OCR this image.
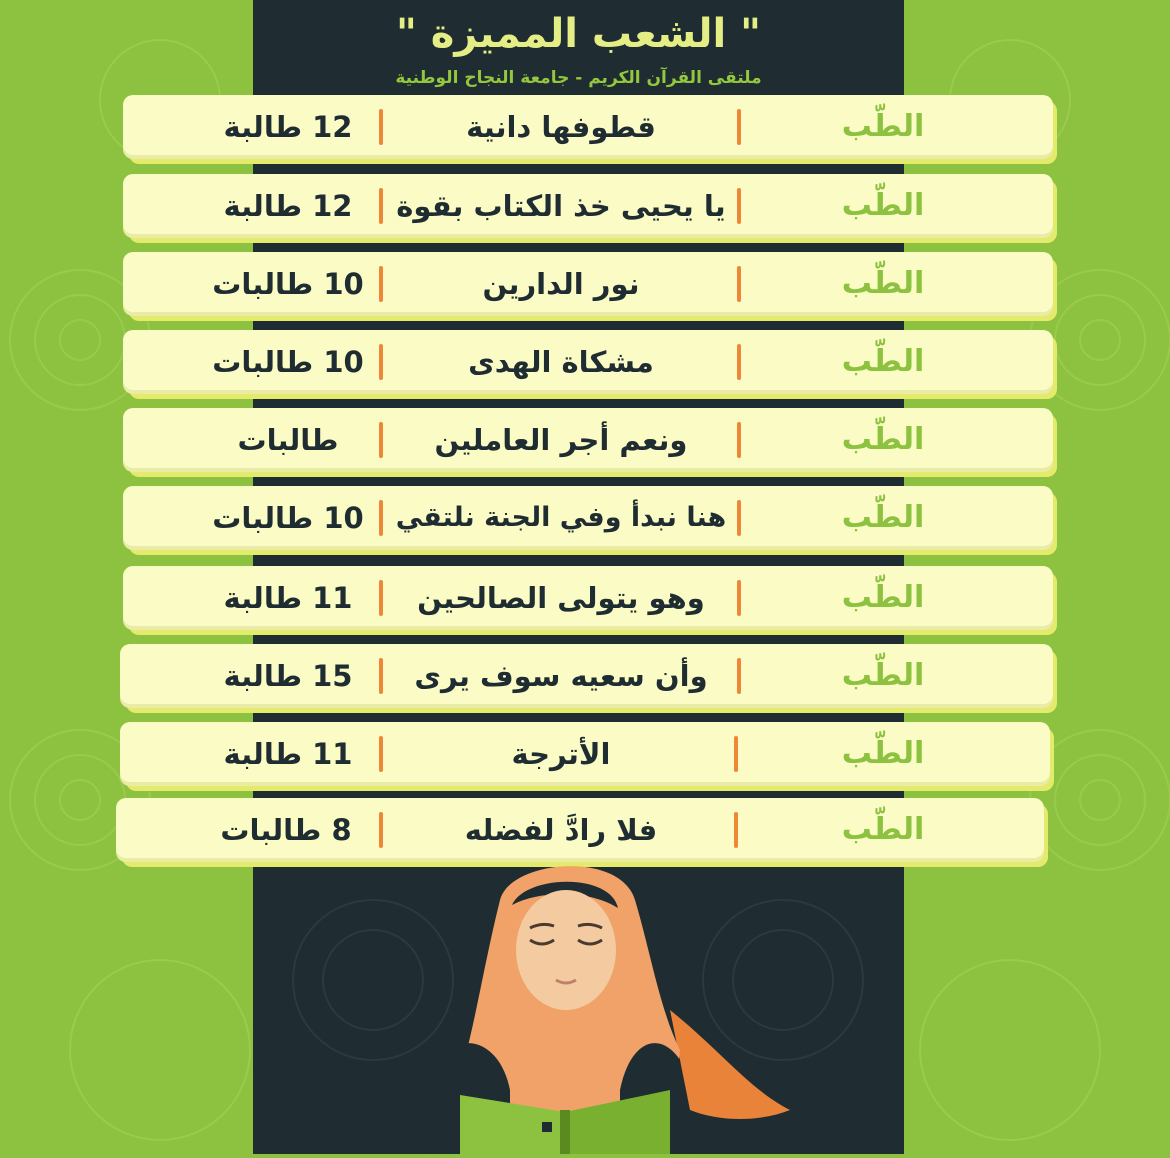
" الشعب المميزة "
ملتقى القرآن الكريم - جامعة النجاح الوطنية
12 طالبة	قطوفها دانية	الطّب
12 طالبة	يا يحيى خذ الكتاب بقوة	الطّب
10 طالبات	نور الدارين	الطّب
10 طالبات	مشكاة الهدى	الطّب
طالبات	ونعم أجر العاملين	الطّب
10 طالبات	هنا نبدأ وفي الجنة نلتقي	الطّب
11 طالبة	وهو يتولى الصالحين	الطّب
15 طالبة	وأن سعيه سوف يرى	الطّب
11 طالبة	الأترجة	الطّب
8 طالبات	فلا رادَّ لفضله	الطّب
